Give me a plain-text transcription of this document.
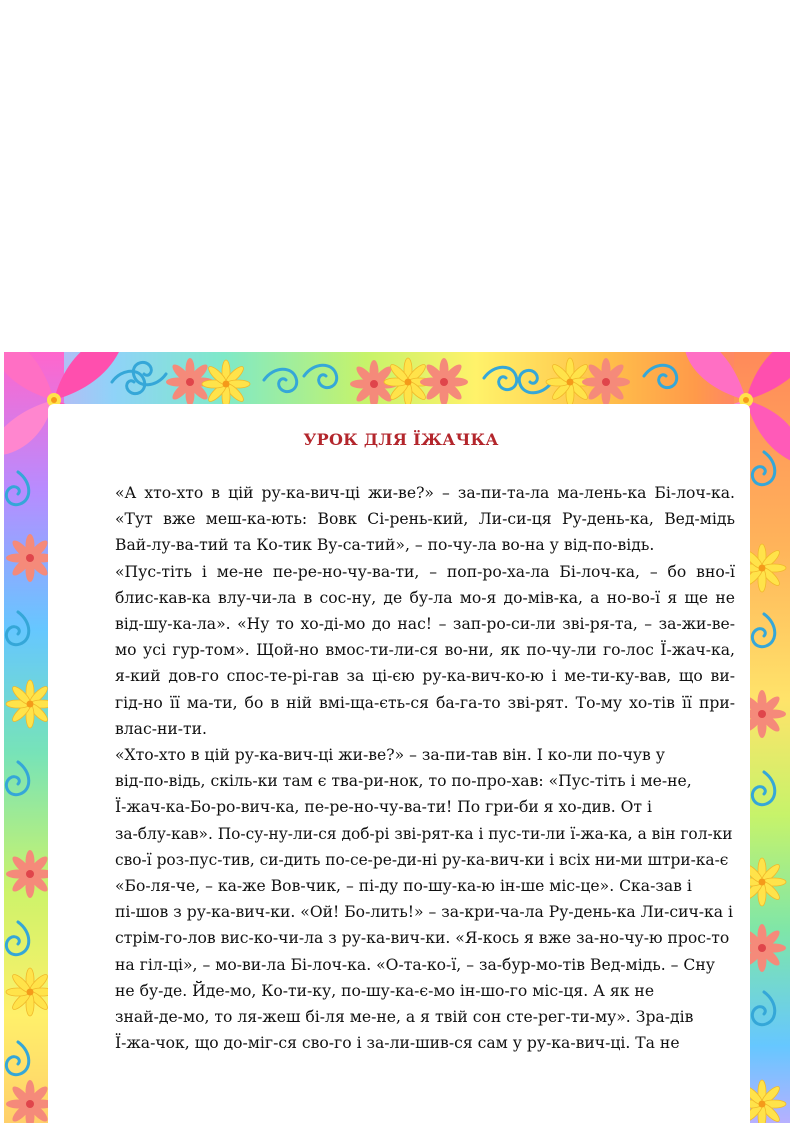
УРОК ДЛЯ ЇЖАЧКА
«А хто-хто в цій ру-ка-вич-ці жи-ве?» – за-пи-та-ла ма-лень-ка Бі-лоч-ка.
«Тут вже меш-ка-ють: Вовк Сі-рень-кий, Ли-си-ця Ру-день-ка, Вед-мідь
Вай-лу-ва-тий та Ко-тик Ву-са-тий», – по-чу-ла во-на у від-по-відь.
«Пус-тіть і ме-не пе-ре-но-чу-ва-ти, – поп-ро-ха-ла Бі-лоч-ка, – бо вно-ї
блис-кав-ка влу-чи-ла в сос-ну, де бу-ла мо-я до-мів-ка, а но-во-ї я ще не
від-шу-ка-ла». «Ну то хо-ді-мо до нас! – зап-ро-си-ли зві-ря-та, – за-жи-ве-
мо усі гур-том». Щой-но вмос-ти-ли-ся во-ни, як по-чу-ли го-лос Ї-жач-ка,
я-кий дов-го спос-те-рі-гав за ці-єю ру-ка-вич-ко-ю і ме-ти-ку-вав, що ви-
гід-но її ма-ти, бо в ній вмі-ща-єть-ся ба-га-то зві-рят. То-му хо-тів її при-
влас-ни-ти.
«Хто-хто в цій ру-ка-вич-ці жи-ве?» – за-пи-тав він. І ко-ли по-чув у
від-по-відь, скіль-ки там є тва-ри-нок, то по-про-хав: «Пус-тіть і ме-не,
Ї-жач-ка-Бо-ро-вич-ка, пе-ре-но-чу-ва-ти! По гри-би я хо-див. От і
за-блу-кав». По-су-ну-ли-ся доб-рі зві-рят-ка і пус-ти-ли ї-жа-ка, а він гол-ки
сво-ї роз-пус-тив, си-дить по-се-ре-ди-ні ру-ка-вич-ки і всіх ни-ми штри-ка-є
«Бо-ля-че, – ка-же Вов-чик, – пі-ду по-шу-ка-ю ін-ше міс-це». Ска-зав і
пі-шов з ру-ка-вич-ки. «Ой! Бо-лить!» – за-кри-ча-ла Ру-день-ка Ли-сич-ка і
стрім-го-лов вис-ко-чи-ла з ру-ка-вич-ки. «Я-кось я вже за-но-чу-ю прос-то
на гіл-ці», – мо-ви-ла Бі-лоч-ка. «О-та-ко-ї, – за-бур-мо-тів Вед-мідь. – Сну
не бу-де. Йде-мо, Ко-ти-ку, по-шу-ка-є-мо ін-шо-го міс-ця. А як не
знай-де-мо, то ля-жеш бі-ля ме-не, а я твій сон сте-рег-ти-му». Зра-дів
Ї-жа-чок, що до-міг-ся сво-го і за-ли-шив-ся сам у ру-ка-вич-ці. Та не
